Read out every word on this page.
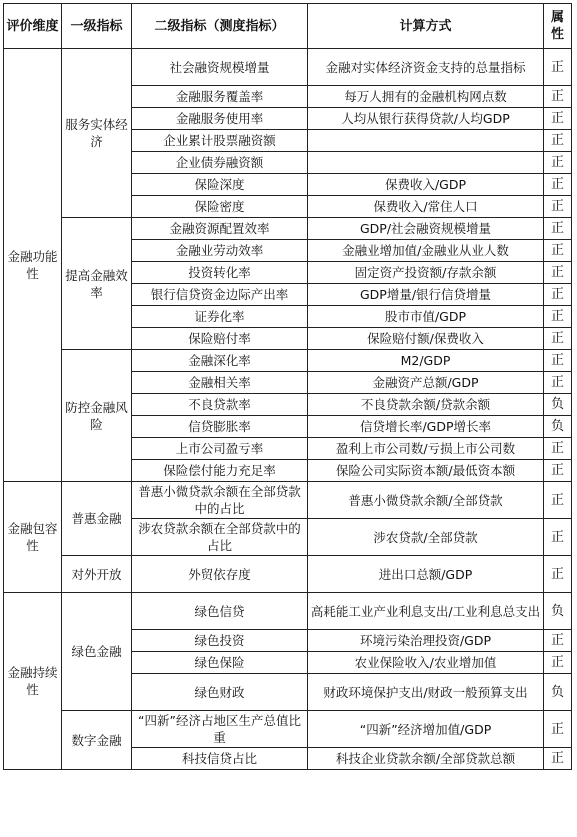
评价维度	一级指标	二级指标（测度指标）	计算方式	属性
金融功能性	服务实体经济	社会融资规模增量	金融对实体经济资金支持的总量指标	正
		金融服务覆盖率	每万人拥有的金融机构网点数	正
		金融服务使用率	人均从银行获得贷款/人均GDP	正
		企业累计股票融资额		正
		企业债券融资额		正
		保险深度	保费收入/GDP	正
		保险密度	保费收入/常住人口	正
	提高金融效率	金融资源配置效率	GDP/社会融资规模增量	正
		金融业劳动效率	金融业增加值/金融业从业人数	正
		投资转化率	固定资产投资额/存款余额	正
		银行信贷资金边际产出率	GDP增量/银行信贷增量	正
		证券化率	股市市值/GDP	正
		保险赔付率	保险赔付额/保费收入	正
	防控金融风险	金融深化率	M2/GDP	正
		金融相关率	金融资产总额/GDP	正
		不良贷款率	不良贷款余额/贷款余额	负
		信贷膨胀率	信贷增长率/GDP增长率	负
		上市公司盈亏率	盈利上市公司数/亏损上市公司数	正
		保险偿付能力充足率	保险公司实际资本额/最低资本额	正
金融包容性	普惠金融	普惠小微贷款余额在全部贷款中的占比	普惠小微贷款余额/全部贷款	正
		涉农贷款余额在全部贷款中的占比	涉农贷款/全部贷款	正
	对外开放	外贸依存度	进出口总额/GDP	正
金融持续性	绿色金融	绿色信贷	高耗能工业产业利息支出/工业利息总支出	负
		绿色投资	环境污染治理投资/GDP	正
		绿色保险	农业保险收入/农业增加值	正
		绿色财政	财政环境保护支出/财政一般预算支出	负
	数字金融	“四新”经济占地区生产总值比重	“四新”经济增加值/GDP	正
		科技信贷占比	科技企业贷款余额/全部贷款总额	正
